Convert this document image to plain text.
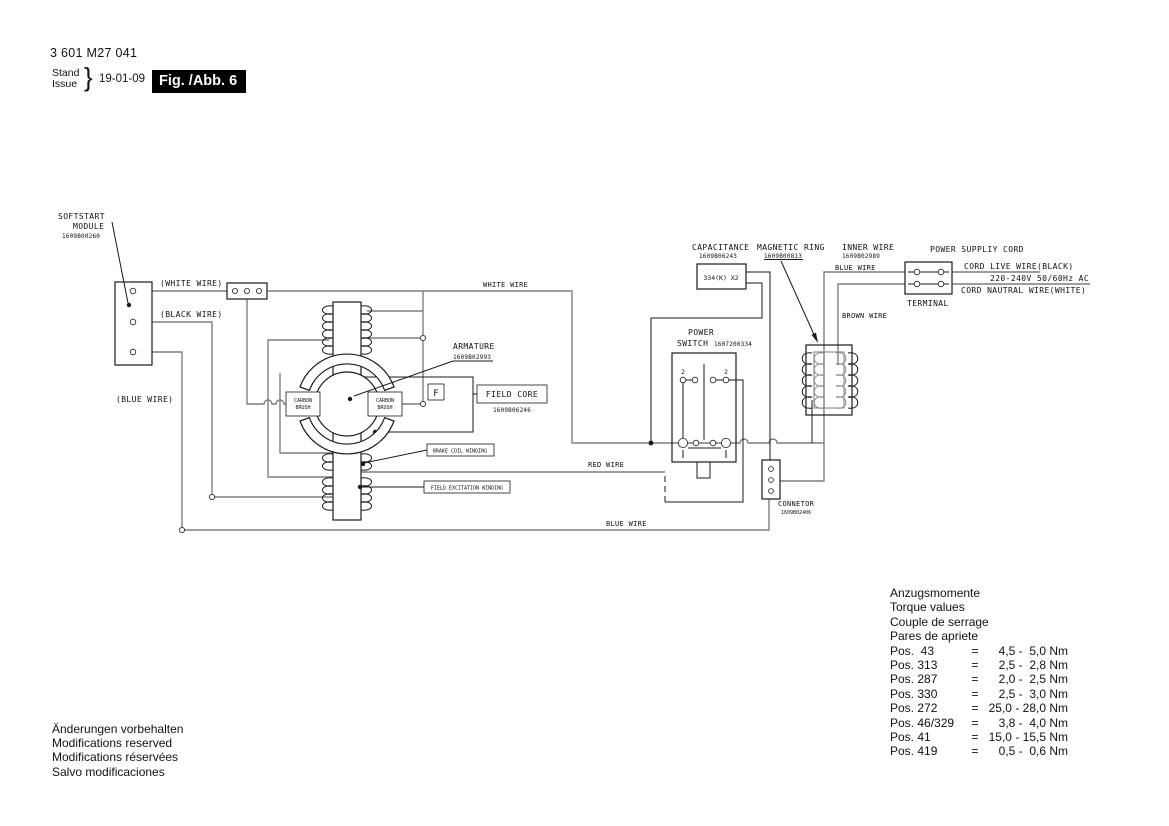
3 601 M27 041
Stand
Issue } 19-01-09 Fig. /Abb. 6
CARBON
BRUSH
CARBON
BRUSH
F
ARMATURE
1609B02993
FIELD CORE
1609B06246
BRAKE COIL WINDING
FIELD EXCITATION WINDING
SOFTSTART
MODULE
1609B00260
(WHITE WIRE)
(BLACK WIRE)
(BLUE WIRE)
WHITE WIRE
RED WIRE
BLUE WIRE
334(K) X2
CAPACITANCE
1609B06243
MAGNETIC RING
1609B00813
INNER WIRE
1609B02989
BLUE WIRE
BROWN WIRE
POWER
SWITCH 1607200334
2	2
CONNETOR
1609B02406
TERMINAL
POWER SUPPLIY CORD
CORD LIVE WIRE(BLACK)
220-240V 50/60Hz AC
CORD NAUTRAL WIRE(WHITE)
Anzugsmomente
Torque values
Couple de serrage
Pares de apriete
Pos.  43	=	4,5 -  5,0 Nm
Pos. 313	=	2,5 -  2,8 Nm
Pos. 287	=	2,0 -  2,5 Nm
Pos. 330	=	2,5 -  3,0 Nm
Pos. 272	= 25,0 - 28,0 Nm
Pos. 46/329	=	3,8 -  4,0 Nm
Pos. 41	= 15,0 - 15,5 Nm
Pos. 419	=	0,5 -  0,6 Nm
Änderungen vorbehalten
Modifications reserved
Modifications réservées
Salvo modificaciones
